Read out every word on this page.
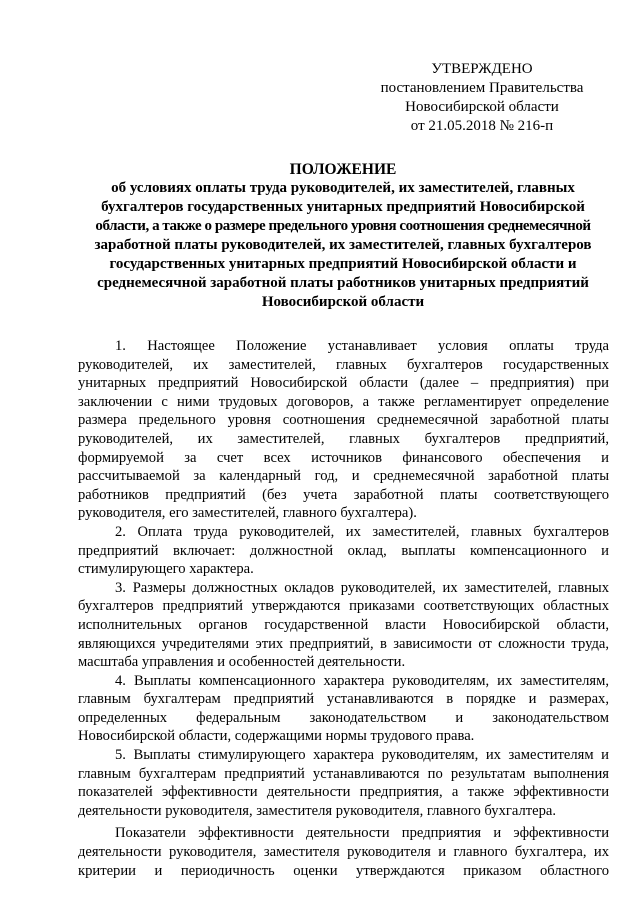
УТВЕРЖДЕНО
постановлением Правительства
Новосибирской области
от 21.05.2018 № 216-п
ПОЛОЖЕНИЕ
об условиях оплаты труда руководителей, их заместителей, главных
бухгалтеров государственных унитарных предприятий Новосибирской
области, а также о размере предельного уровня соотношения среднемесячной
заработной платы руководителей, их заместителей, главных бухгалтеров
государственных унитарных предприятий Новосибирской области и
среднемесячной заработной платы работников унитарных предприятий
Новосибирской области
1. Настоящее Положение устанавливает условия оплаты труда
руководителей, их заместителей, главных бухгалтеров государственных
унитарных предприятий Новосибирской области (далее – предприятия) при
заключении с ними трудовых договоров, а также регламентирует определение
размера предельного уровня соотношения среднемесячной заработной платы
руководителей, их заместителей, главных бухгалтеров предприятий,
формируемой за счет всех источников финансового обеспечения и
рассчитываемой за календарный год, и среднемесячной заработной платы
работников предприятий (без учета заработной платы соответствующего
руководителя, его заместителей, главного бухгалтера).
2. Оплата труда руководителей, их заместителей, главных бухгалтеров
предприятий включает: должностной оклад, выплаты компенсационного и
стимулирующего характера.
3. Размеры должностных окладов руководителей, их заместителей, главных
бухгалтеров предприятий утверждаются приказами соответствующих областных
исполнительных органов государственной власти Новосибирской области,
являющихся учредителями этих предприятий, в зависимости от сложности труда,
масштаба управления и особенностей деятельности.
4. Выплаты компенсационного характера руководителям, их заместителям,
главным бухгалтерам предприятий устанавливаются в порядке и размерах,
определенных федеральным законодательством и законодательством
Новосибирской области, содержащими нормы трудового права.
5. Выплаты стимулирующего характера руководителям, их заместителям и
главным бухгалтерам предприятий устанавливаются по результатам выполнения
показателей эффективности деятельности предприятия, а также эффективности
деятельности руководителя, заместителя руководителя, главного бухгалтера.
Показатели эффективности деятельности предприятия и эффективности
деятельности руководителя, заместителя руководителя и главного бухгалтера, их
критерии и периодичность оценки утверждаются приказом областного
